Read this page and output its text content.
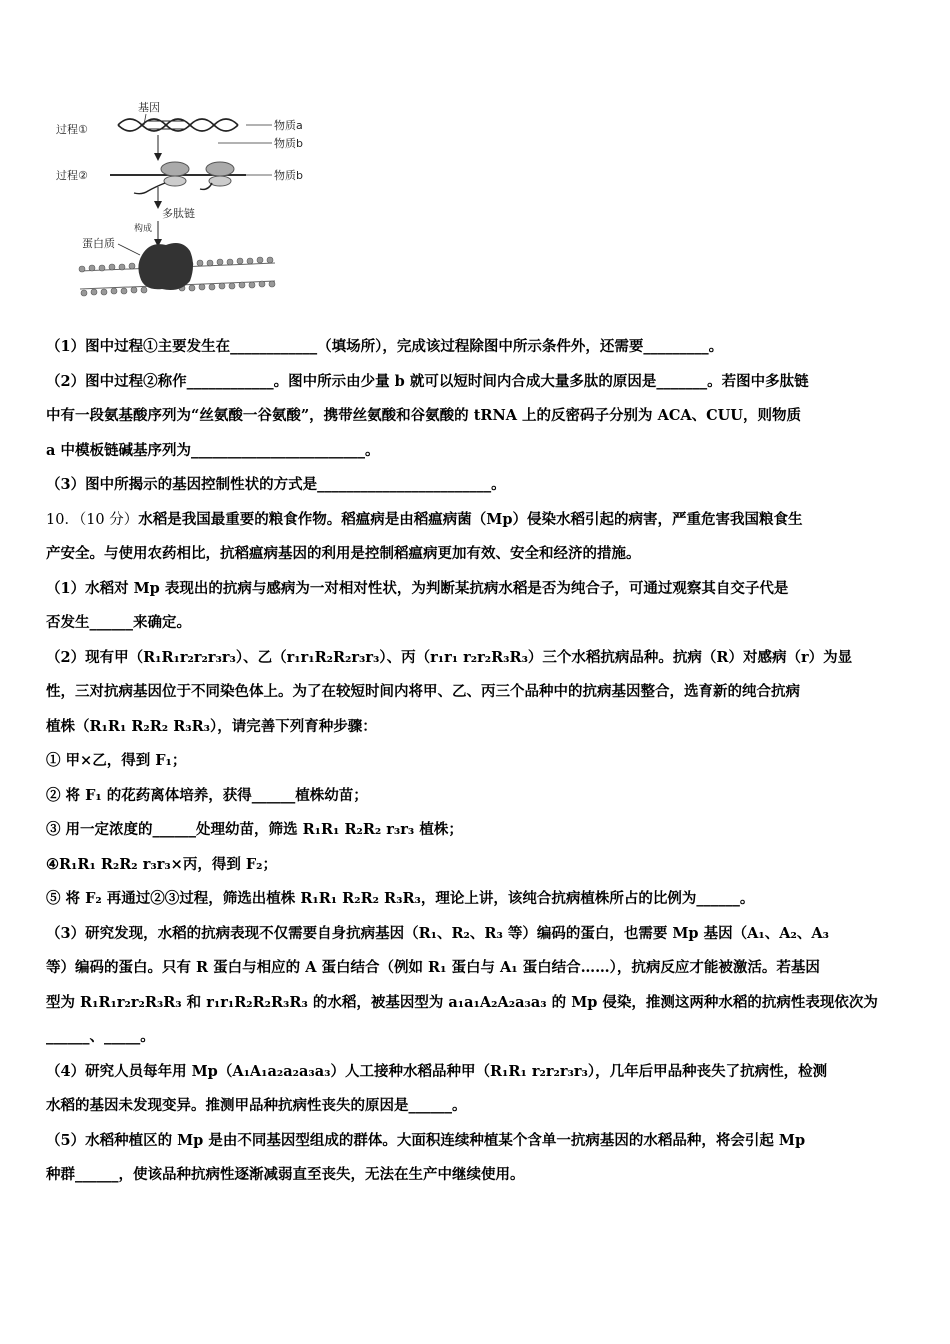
基因
过程①	物质a
物质b
过程②	物质b
多肽链
构成
蛋白质

（1）图中过程①主要发生在____________（填场所），完成该过程除图中所示条件外，还需要_________。

（2）图中过程②称作____________。图中所示由少量 b 就可以短时间内合成大量多肽的原因是_______。若图中多肽链

中有一段氨基酸序列为“丝氨酸一谷氨酸”，携带丝氨酸和谷氨酸的 tRNA 上的反密码子分别为 ACA、CUU，则物质

a 中模板链碱基序列为________________________。

（3）图中所揭示的基因控制性状的方式是________________________。

10．（10 分）水稻是我国最重要的粮食作物。稻瘟病是由稻瘟病菌（Mp）侵染水稻引起的病害，严重危害我国粮食生

产安全。与使用农药相比，抗稻瘟病基因的利用是控制稻瘟病更加有效、安全和经济的措施。

（1）水稻对 Mp 表现出的抗病与感病为一对相对性状，为判断某抗病水稻是否为纯合子，可通过观察其自交子代是

否发生______来确定。

（2）现有甲（R₁R₁r₂r₂r₃r₃）、乙（r₁r₁R₂R₂r₃r₃）、丙（r₁r₁ r₂r₂R₃R₃）三个水稻抗病品种。抗病（R）对感病（r）为显

性，三对抗病基因位于不同染色体上。为了在较短时间内将甲、乙、丙三个品种中的抗病基因整合，选育新的纯合抗病

植株（R₁R₁ R₂R₂ R₃R₃），请完善下列育种步骤：

① 甲×乙，得到 F₁；

② 将 F₁ 的花药离体培养，获得______植株幼苗；

③ 用一定浓度的______处理幼苗，筛选 R₁R₁ R₂R₂ r₃r₃ 植株；

④R₁R₁ R₂R₂ r₃r₃×丙，得到 F₂；

⑤ 将 F₂ 再通过②③过程，筛选出植株 R₁R₁ R₂R₂ R₃R₃，理论上讲，该纯合抗病植株所占的比例为______。

（3）研究发现，水稻的抗病表现不仅需要自身抗病基因（R₁、R₂、R₃ 等）编码的蛋白，也需要 Mp 基因（A₁、A₂、A₃

等）编码的蛋白。只有 R 蛋白与相应的 A 蛋白结合（例如 R₁ 蛋白与 A₁ 蛋白结合……），抗病反应才能被激活。若基因

型为 R₁R₁r₂r₂R₃R₃ 和 r₁r₁R₂R₂R₃R₃ 的水稻，被基因型为 a₁a₁A₂A₂a₃a₃ 的 Mp 侵染，推测这两种水稻的抗病性表现依次为

______、_____。

（4）研究人员每年用 Mp（A₁A₁a₂a₂a₃a₃）人工接种水稻品种甲（R₁R₁ r₂r₂r₃r₃），几年后甲品种丧失了抗病性，检测

水稻的基因未发现变异。推测甲品种抗病性丧失的原因是______。

（5）水稻种植区的 Mp 是由不同基因型组成的群体。大面积连续种植某个含单一抗病基因的水稻品种，将会引起 Mp

种群______，使该品种抗病性逐渐减弱直至丧失，无法在生产中继续使用。
